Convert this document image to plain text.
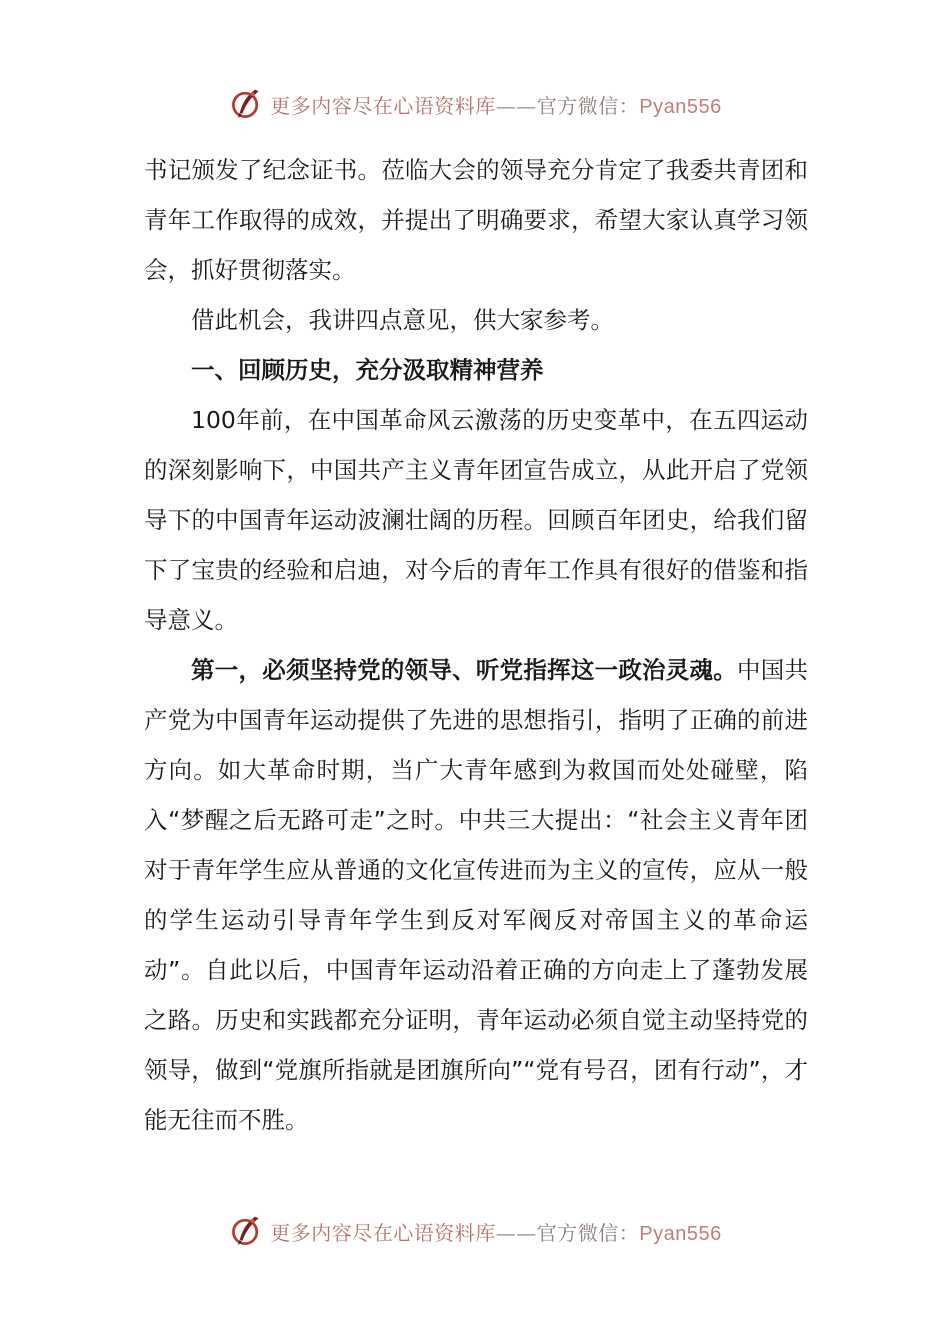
更多内容尽在心语资料库——官方微信：Pyan556

书记颁发了纪念证书。莅临大会的领导充分肯定了我委共青团和青年工作取得的成效，并提出了明确要求，希望大家认真学习领会，抓好贯彻落实。

借此机会，我讲四点意见，供大家参考。

一、回顾历史，充分汲取精神营养

100年前，在中国革命风云激荡的历史变革中，在五四运动的深刻影响下，中国共产主义青年团宣告成立，从此开启了党领导下的中国青年运动波澜壮阔的历程。回顾百年团史，给我们留下了宝贵的经验和启迪，对今后的青年工作具有很好的借鉴和指导意义。

第一，必须坚持党的领导、听党指挥这一政治灵魂。中国共产党为中国青年运动提供了先进的思想指引，指明了正确的前进方向。如大革命时期，当广大青年感到为救国而处处碰壁，陷入“梦醒之后无路可走”之时。中共三大提出：“社会主义青年团对于青年学生应从普通的文化宣传进而为主义的宣传，应从一般的学生运动引导青年学生到反对军阀反对帝国主义的革命运动”。自此以后，中国青年运动沿着正确的方向走上了蓬勃发展之路。历史和实践都充分证明，青年运动必须自觉主动坚持党的领导，做到“党旗所指就是团旗所向”“党有号召，团有行动”，才能无往而不胜。

更多内容尽在心语资料库——官方微信：Pyan556
